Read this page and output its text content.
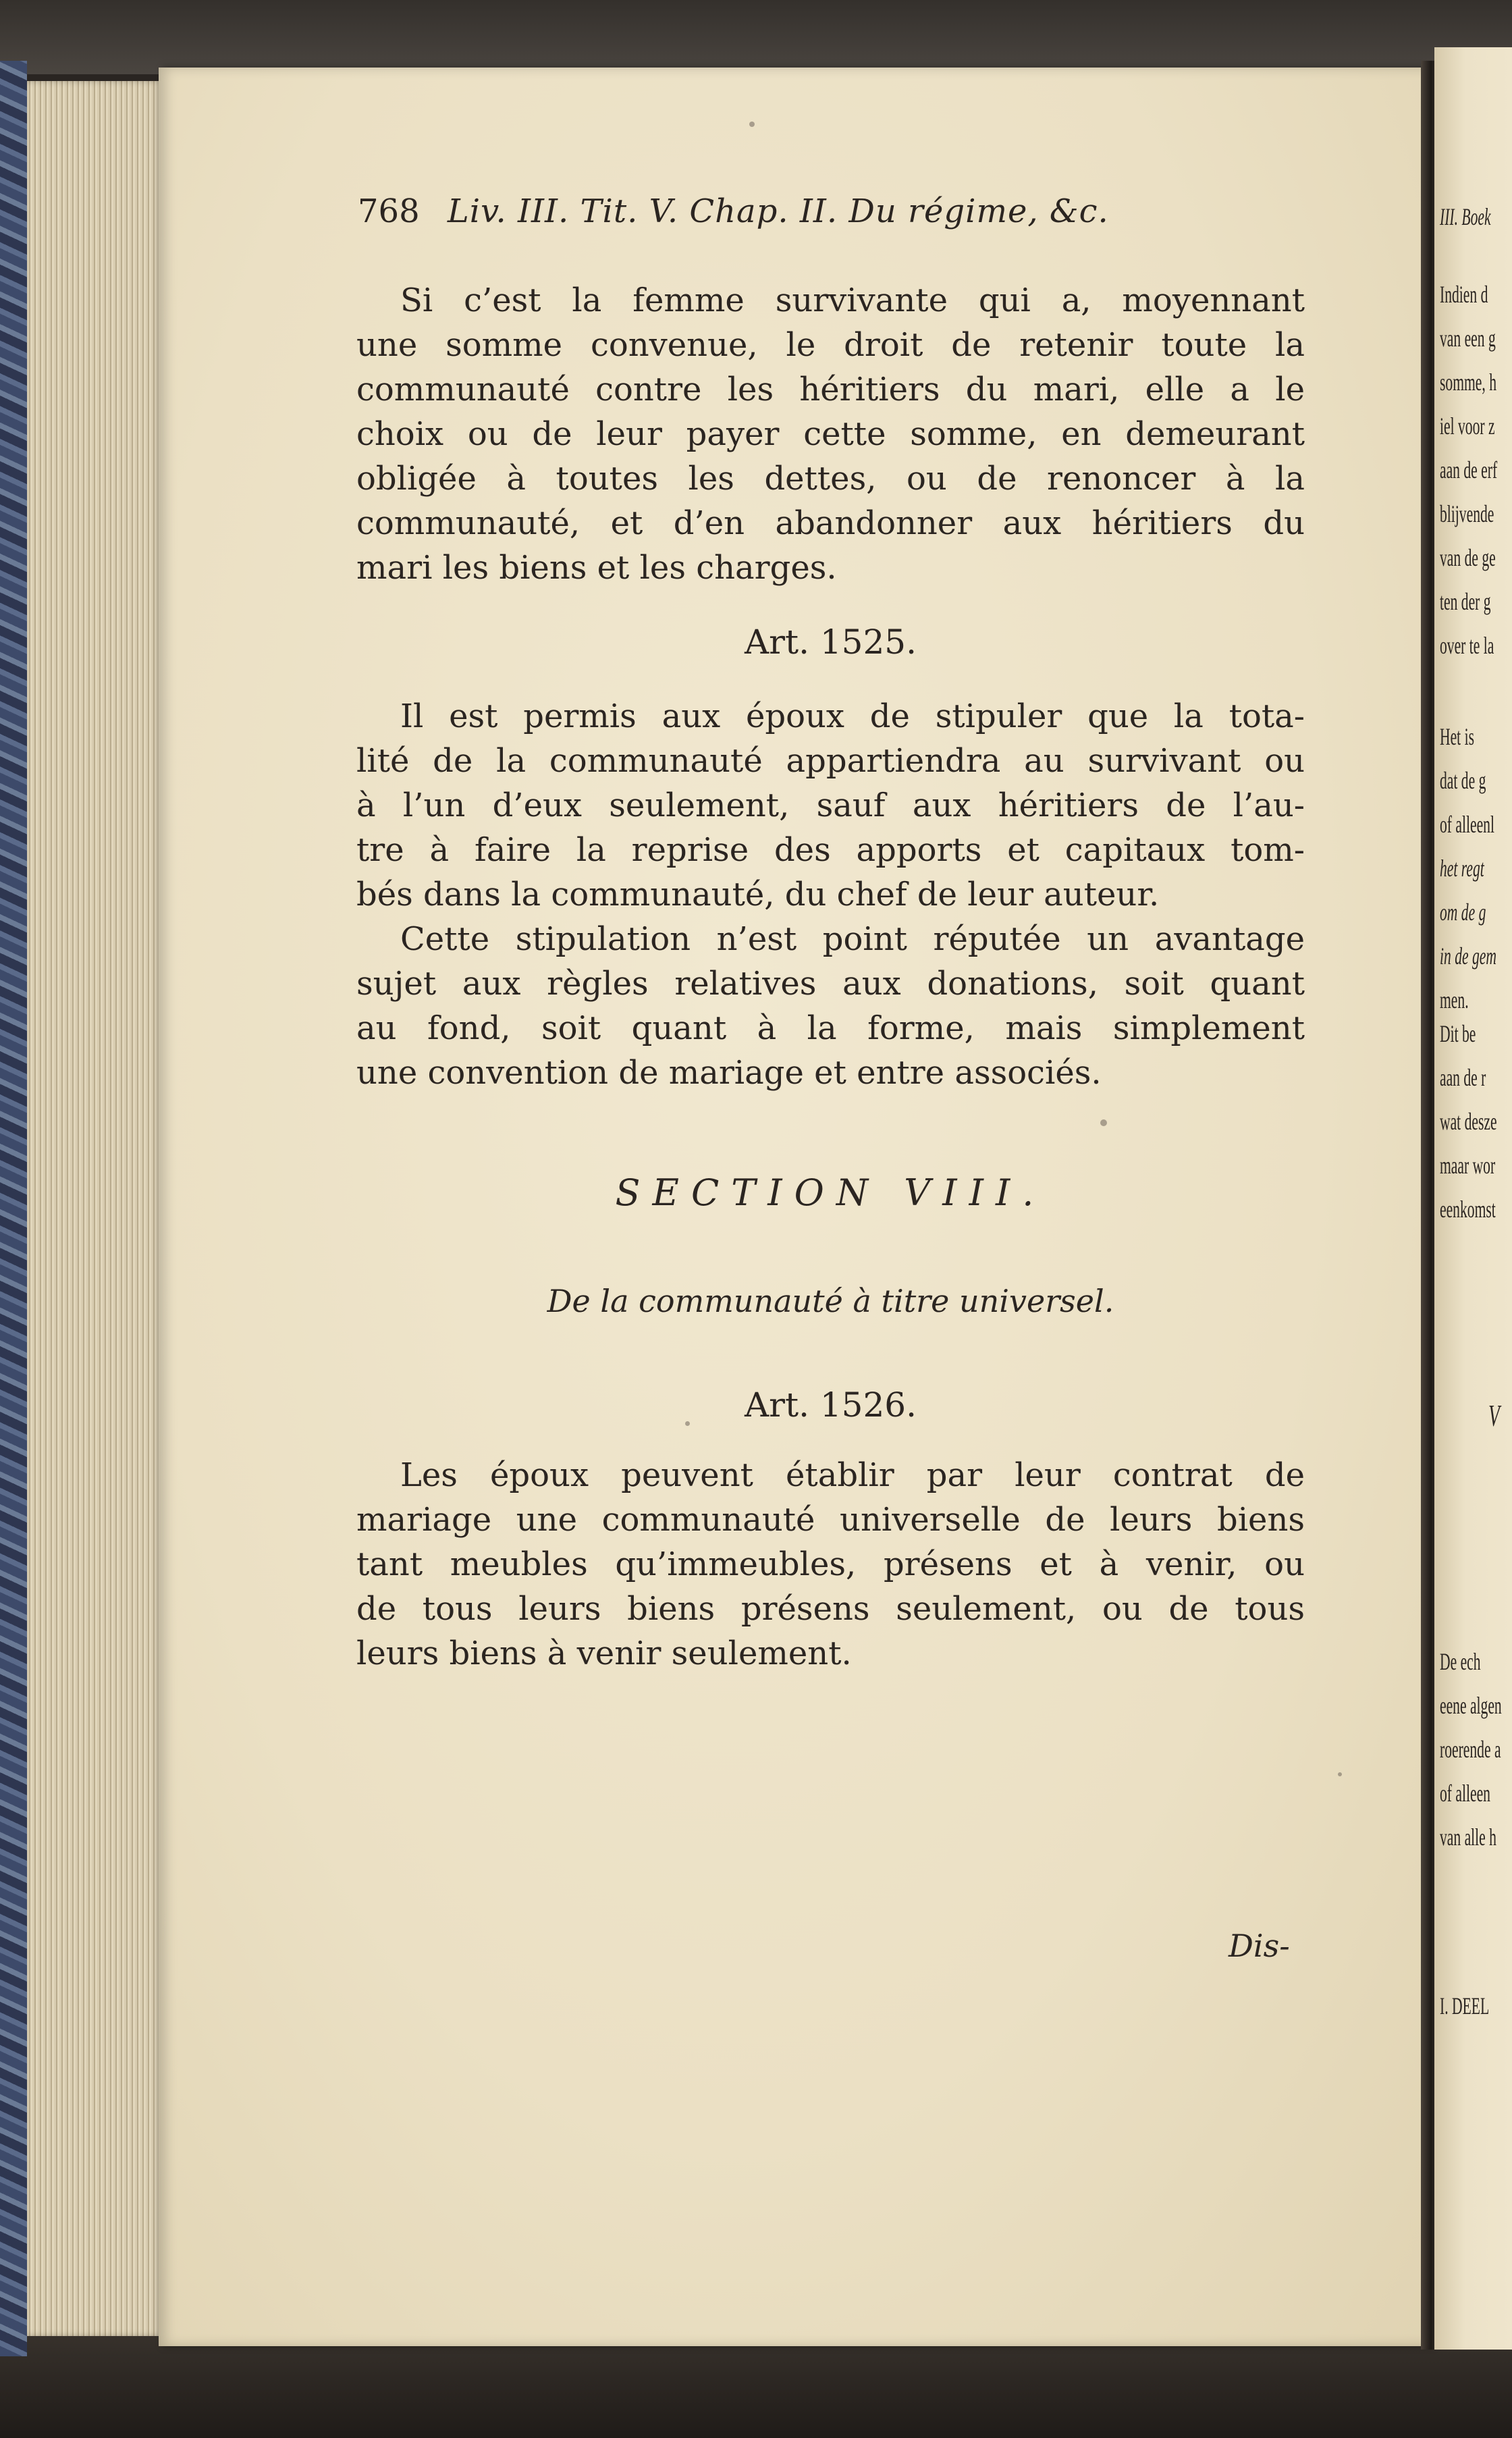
768 Liv. III. Tit. V. Chap. II. Du régime, &c.

Si c’est la femme survivante qui a, moyennant

une somme convenue, le droit de retenir toute la

communauté contre les héritiers du mari, elle a le

choix ou de leur payer cette somme, en demeurant

obligée à toutes les dettes, ou de renoncer à la

communauté, et d’en abandonner aux héritiers du

mari les biens et les charges.

Art. 1525.

Il est permis aux époux de stipuler que la tota-

lité de la communauté appartiendra au survivant ou

à l’un d’eux seulement, sauf aux héritiers de l’au-

tre à faire la reprise des apports et capitaux tom-

bés dans la communauté, du chef de leur auteur.

Cette stipulation n’est point réputée un avantage

sujet aux règles relatives aux donations, soit quant

au fond, soit quant à la forme, mais simplement

une convention de mariage et entre associés.

SECTION VIII.

De la communauté à titre universel.

Art. 1526.

Les époux peuvent établir par leur contrat de

mariage une communauté universelle de leurs biens

tant meubles qu’immeubles, présens et à venir, ou

de tous leurs biens présens seulement, ou de tous

leurs biens à venir seulement.

Dis-
III. Boek
Indien d
van een g
somme, h
iel voor z
aan de erf
blijvende
van de ge
ten der g
over te la
Het is
dat de g
of alleenl
het regt
om de g
in de gem
men.
Dit be
aan de r
wat desze
maar wor
eenkomst
V
De ech
eene algen
roerende a
of alleen
van alle h
I. DEEL
